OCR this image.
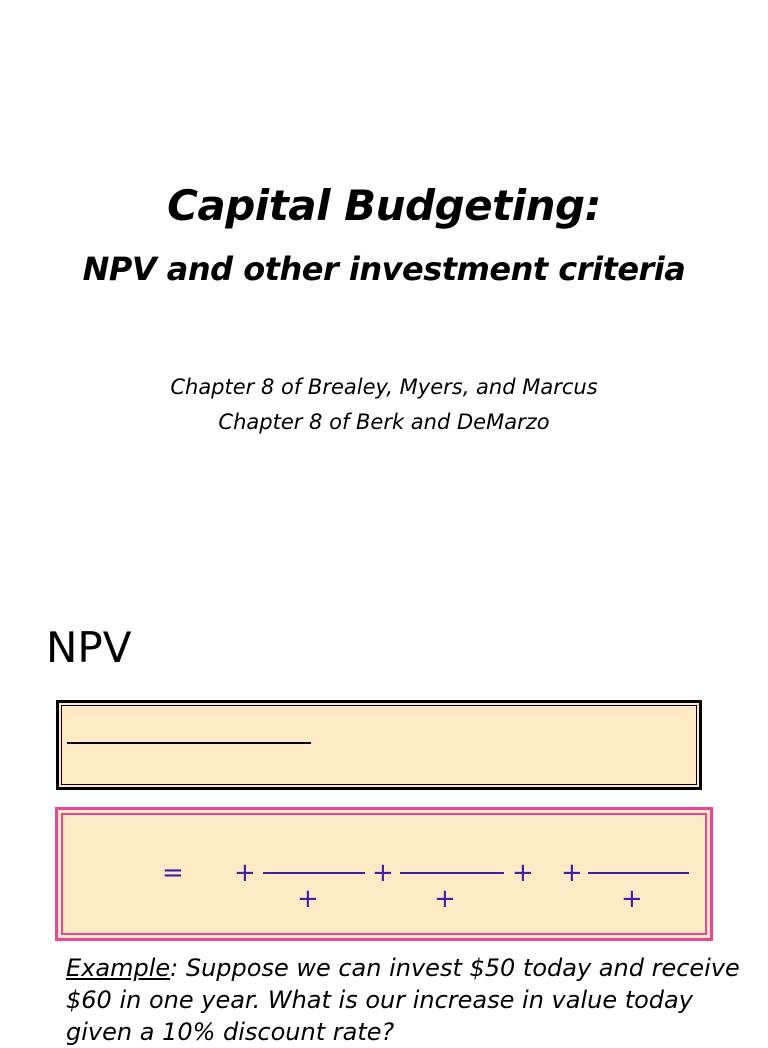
Capital Budgeting:
NPV and other investment criteria
Chapter 8 of Brealey, Myers, and Marcus
Chapter 8 of Berk and DeMarzo
NPV
= +
+
+
+
+ +
+
Example: Suppose we can invest $50 today and receive $60 in one year. What is our increase in value today given a 10% discount rate?
